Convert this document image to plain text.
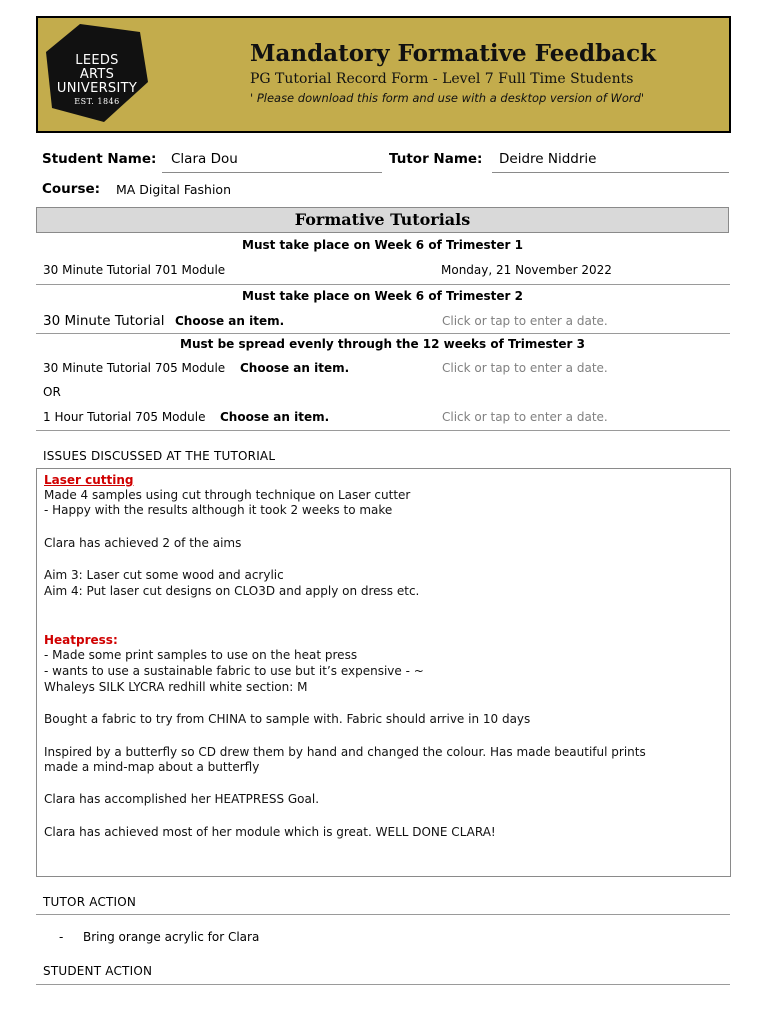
LEEDS
ARTS
UNIVERSITY
EST. 1846
Mandatory Formative Feedback
PG Tutorial Record Form - Level 7 Full Time Students
' Please download this form and use with a desktop version of Word'
Student Name: Clara Dou	Tutor Name: Deidre Niddrie
Course: MA Digital Fashion
Formative Tutorials
Must take place on Week 6 of Trimester 1
30 Minute Tutorial 701 Module	Monday, 21 November 2022
Must take place on Week 6 of Trimester 2
30 Minute Tutorial Choose an item.	Click or tap to enter a date.
Must be spread evenly through the 12 weeks of Trimester 3
30 Minute Tutorial 705 Module Choose an item.	Click or tap to enter a date.
OR
1 Hour Tutorial 705 Module Choose an item.	Click or tap to enter a date.
ISSUES DISCUSSED AT THE TUTORIAL
Laser cutting
Made 4 samples using cut through technique on Laser cutter
- Happy with the results although it took 2 weeks to make
Clara has achieved 2 of the aims
Aim 3: Laser cut some wood and acrylic
Aim 4: Put laser cut designs on CLO3D and apply on dress etc.
Heatpress:
- Made some print samples to use on the heat press
- wants to use a sustainable fabric to use but it’s expensive - ~
Whaleys SILK LYCRA redhill white section: M
Bought a fabric to try from CHINA to sample with. Fabric should arrive in 10 days
Inspired by a butterfly so CD drew them by hand and changed the colour. Has made beautiful prints
made a mind-map about a butterfly
Clara has accomplished her HEATPRESS Goal.
Clara has achieved most of her module which is great. WELL DONE CLARA!
TUTOR ACTION
- Bring orange acrylic for Clara
STUDENT ACTION
